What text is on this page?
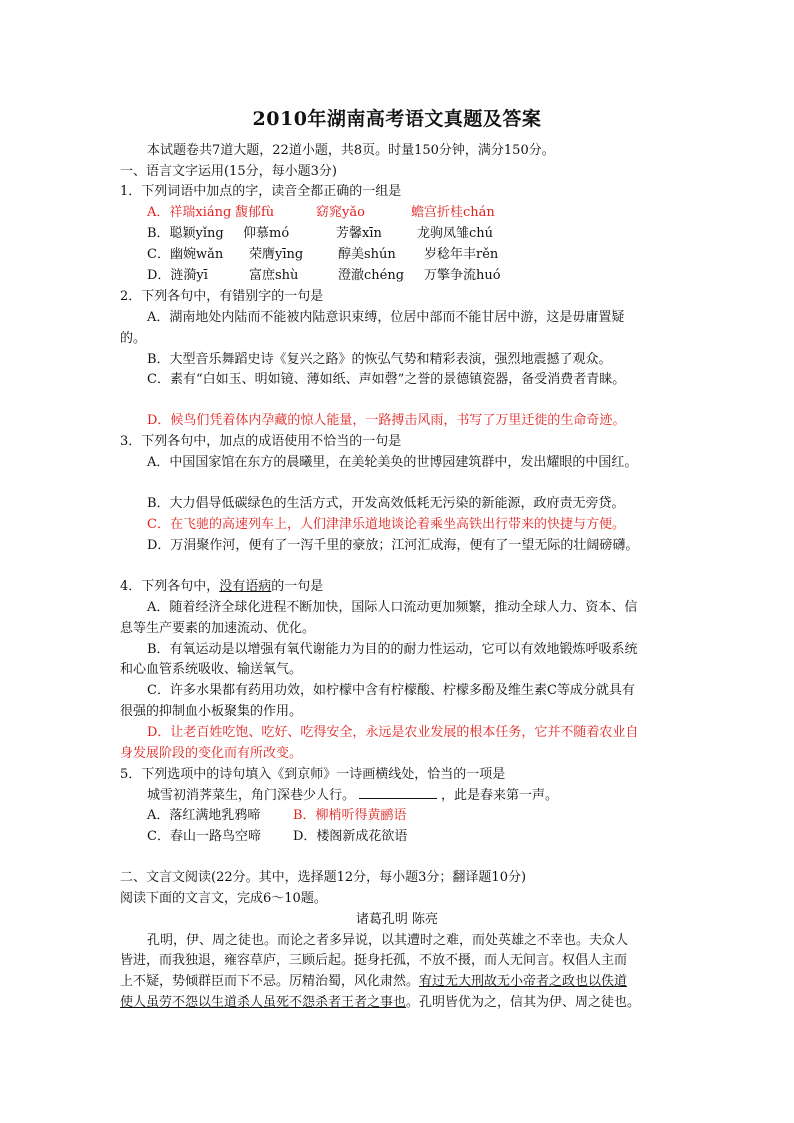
2010年湖南高考语文真题及答案
本试题卷共7道大题，22道小题，共8页。时量150分钟，满分150分。
一、语言文字运用(15分，每小题3分)
1．下列词语中加点的字，读音全都正确的一组是
A．祥瑞xiáng 馥郁fù	窈窕yǎo	蟾宫折桂chán
B．聪颖yǐng 仰慕mó	芳馨xīn	龙驹凤雏chú
C．幽婉wǎn 荣膺yīng	醇美shún 岁稔年丰rěn
D．涟漪yī	富庶shù	澄澈chéng 万擎争流huó
2．下列各句中，有错别字的一句是
A．湖南地处内陆而不能被内陆意识束缚，位居中部而不能甘居中游，这是毋庸置疑
的。
B．大型音乐舞蹈史诗《复兴之路》的恢弘气势和精彩表演，强烈地震撼了观众。
C．素有“白如玉、明如镜、薄如纸、声如磬”之誉的景德镇瓷器，备受消费者青睐。
D．候鸟们凭着体内孕藏的惊人能量，一路搏击风雨，书写了万里迁徙的生命奇迹。
3．下列各句中，加点的成语使用不恰当的一句是
A．中国国家馆在东方的晨曦里，在美轮美奂的世博园建筑群中，发出耀眼的中国红。
B．大力倡导低碳绿色的生活方式，开发高效低耗无污染的新能源，政府责无旁贷。
C．在飞驰的高速列车上，人们津津乐道地谈论着乘坐高铁出行带来的快捷与方便。
D．万涓聚作河，便有了一泻千里的豪放；江河汇成海，便有了一望无际的壮阔磅礴。
4．下列各句中，没有语病的一句是
A．随着经济全球化进程不断加快，国际人口流动更加频繁，推动全球人力、资本、信
息等生产要素的加速流动、优化。
B．有氧运动是以增强有氧代谢能力为目的的耐力性运动，它可以有效地锻炼呼吸系统
和心血管系统吸收、输送氧气。
C．许多水果都有药用功效，如柠檬中含有柠檬酸、柠檬多酚及维生素C等成分就具有
很强的抑制血小板聚集的作用。
D．让老百姓吃饱、吃好、吃得安全，永远是农业发展的根本任务，它并不随着农业自
身发展阶段的变化而有所改变。
5．下列选项中的诗句填入《到京师》一诗画横线处，恰当的一项是
城雪初消荠菜生，角门深巷少人行。	，此是春来第一声。
A．落红满地乳鸦啼	B．柳梢听得黄鹂语
C．春山一路鸟空啼 D．楼阁新成花欲语
二、文言文阅读(22分。其中，选择题12分，每小题3分；翻译题10分)
阅读下面的文言文，完成6～10题。
诸葛孔明 陈亮
孔明，伊、周之徒也。而论之者多异说，以其遭时之难，而处英雄之不幸也。夫众人
皆进，而我独退，雍容草庐，三顾后起。挺身托孤，不放不摄，而人无间言。权倡人主而
上不疑，势倾群臣而下不忌。厉精治蜀，风化肃然。宥过无大刑故无小帝者之政也以佚道
使人虽劳不怨以生道杀人虽死不怨杀者王者之事也。孔明皆优为之，信其为伊、周之徒也。
